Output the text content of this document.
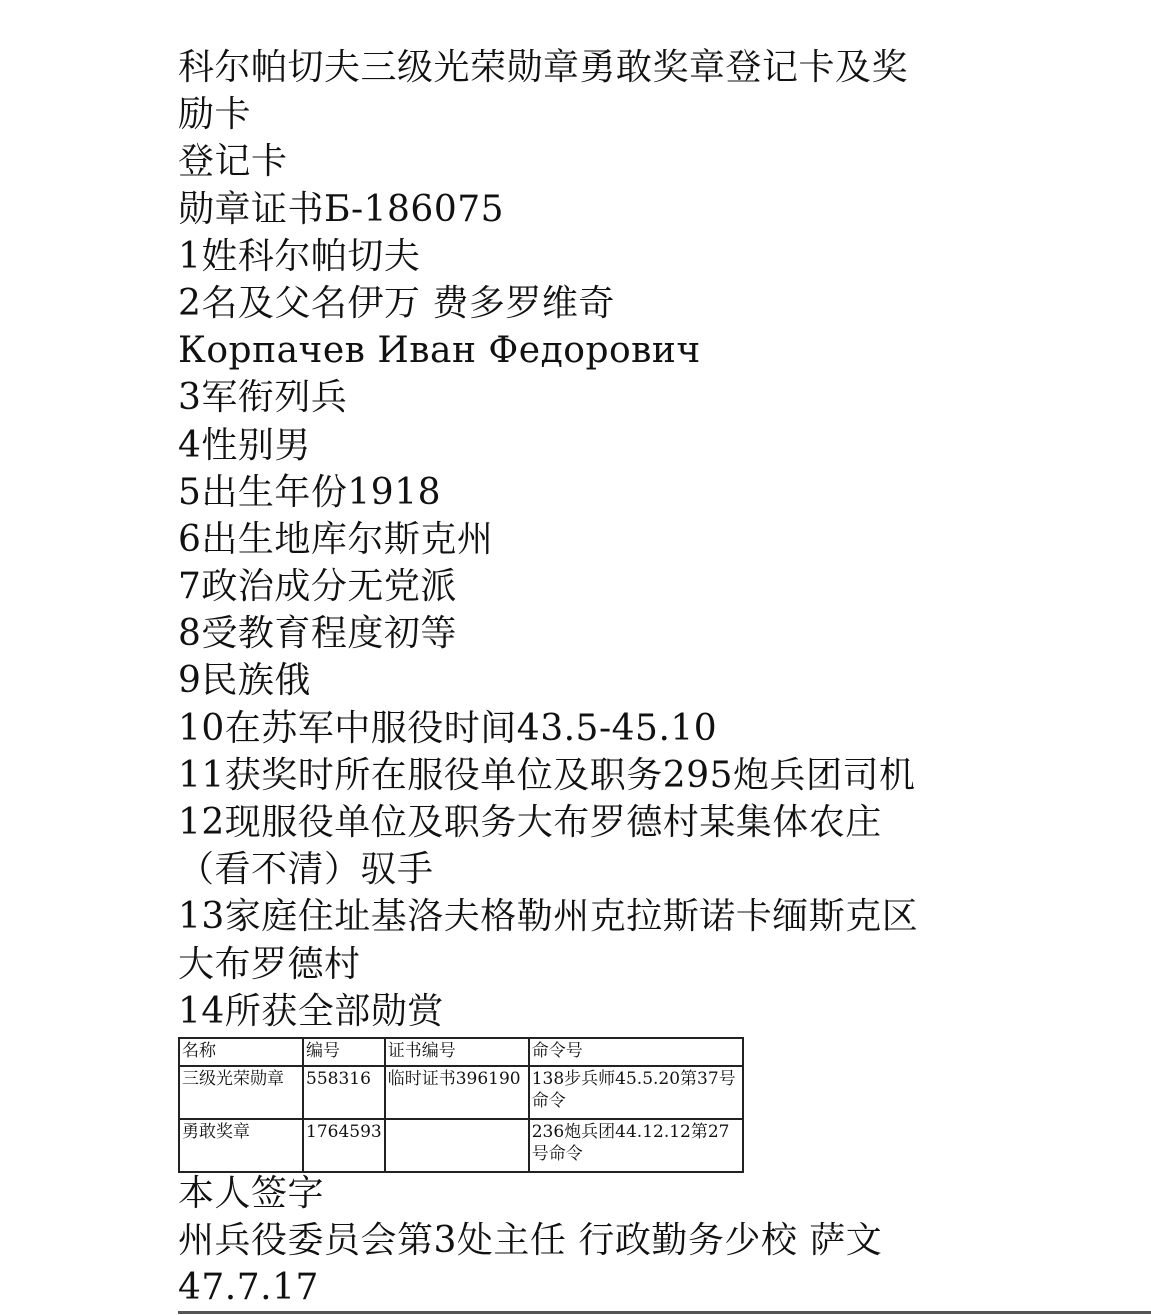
科尔帕切夫三级光荣勋章勇敢奖章登记卡及奖
励卡
登记卡
勋章证书Б-186075
1姓科尔帕切夫
2名及父名伊万 费多罗维奇
Корпачев Иван Федорович
3军衔列兵
4性别男
5出生年份1918
6出生地库尔斯克州
7政治成分无党派
8受教育程度初等
9民族俄
10在苏军中服役时间43.5-45.10
11获奖时所在服役单位及职务295炮兵团司机
12现服役单位及职务大布罗德村某集体农庄
（看不清）驭手
13家庭住址基洛夫格勒州克拉斯诺卡缅斯克区
大布罗德村
14所获全部勋赏
名称	编号	证书编号	命令号
三级光荣勋章	558316	临时证书396190	138步兵师45.5.20第37号命令
勇敢奖章	1764593		236炮兵团44.12.12第27号命令
本人签字
州兵役委员会第3处主任 行政勤务少校 萨文
47.7.17
